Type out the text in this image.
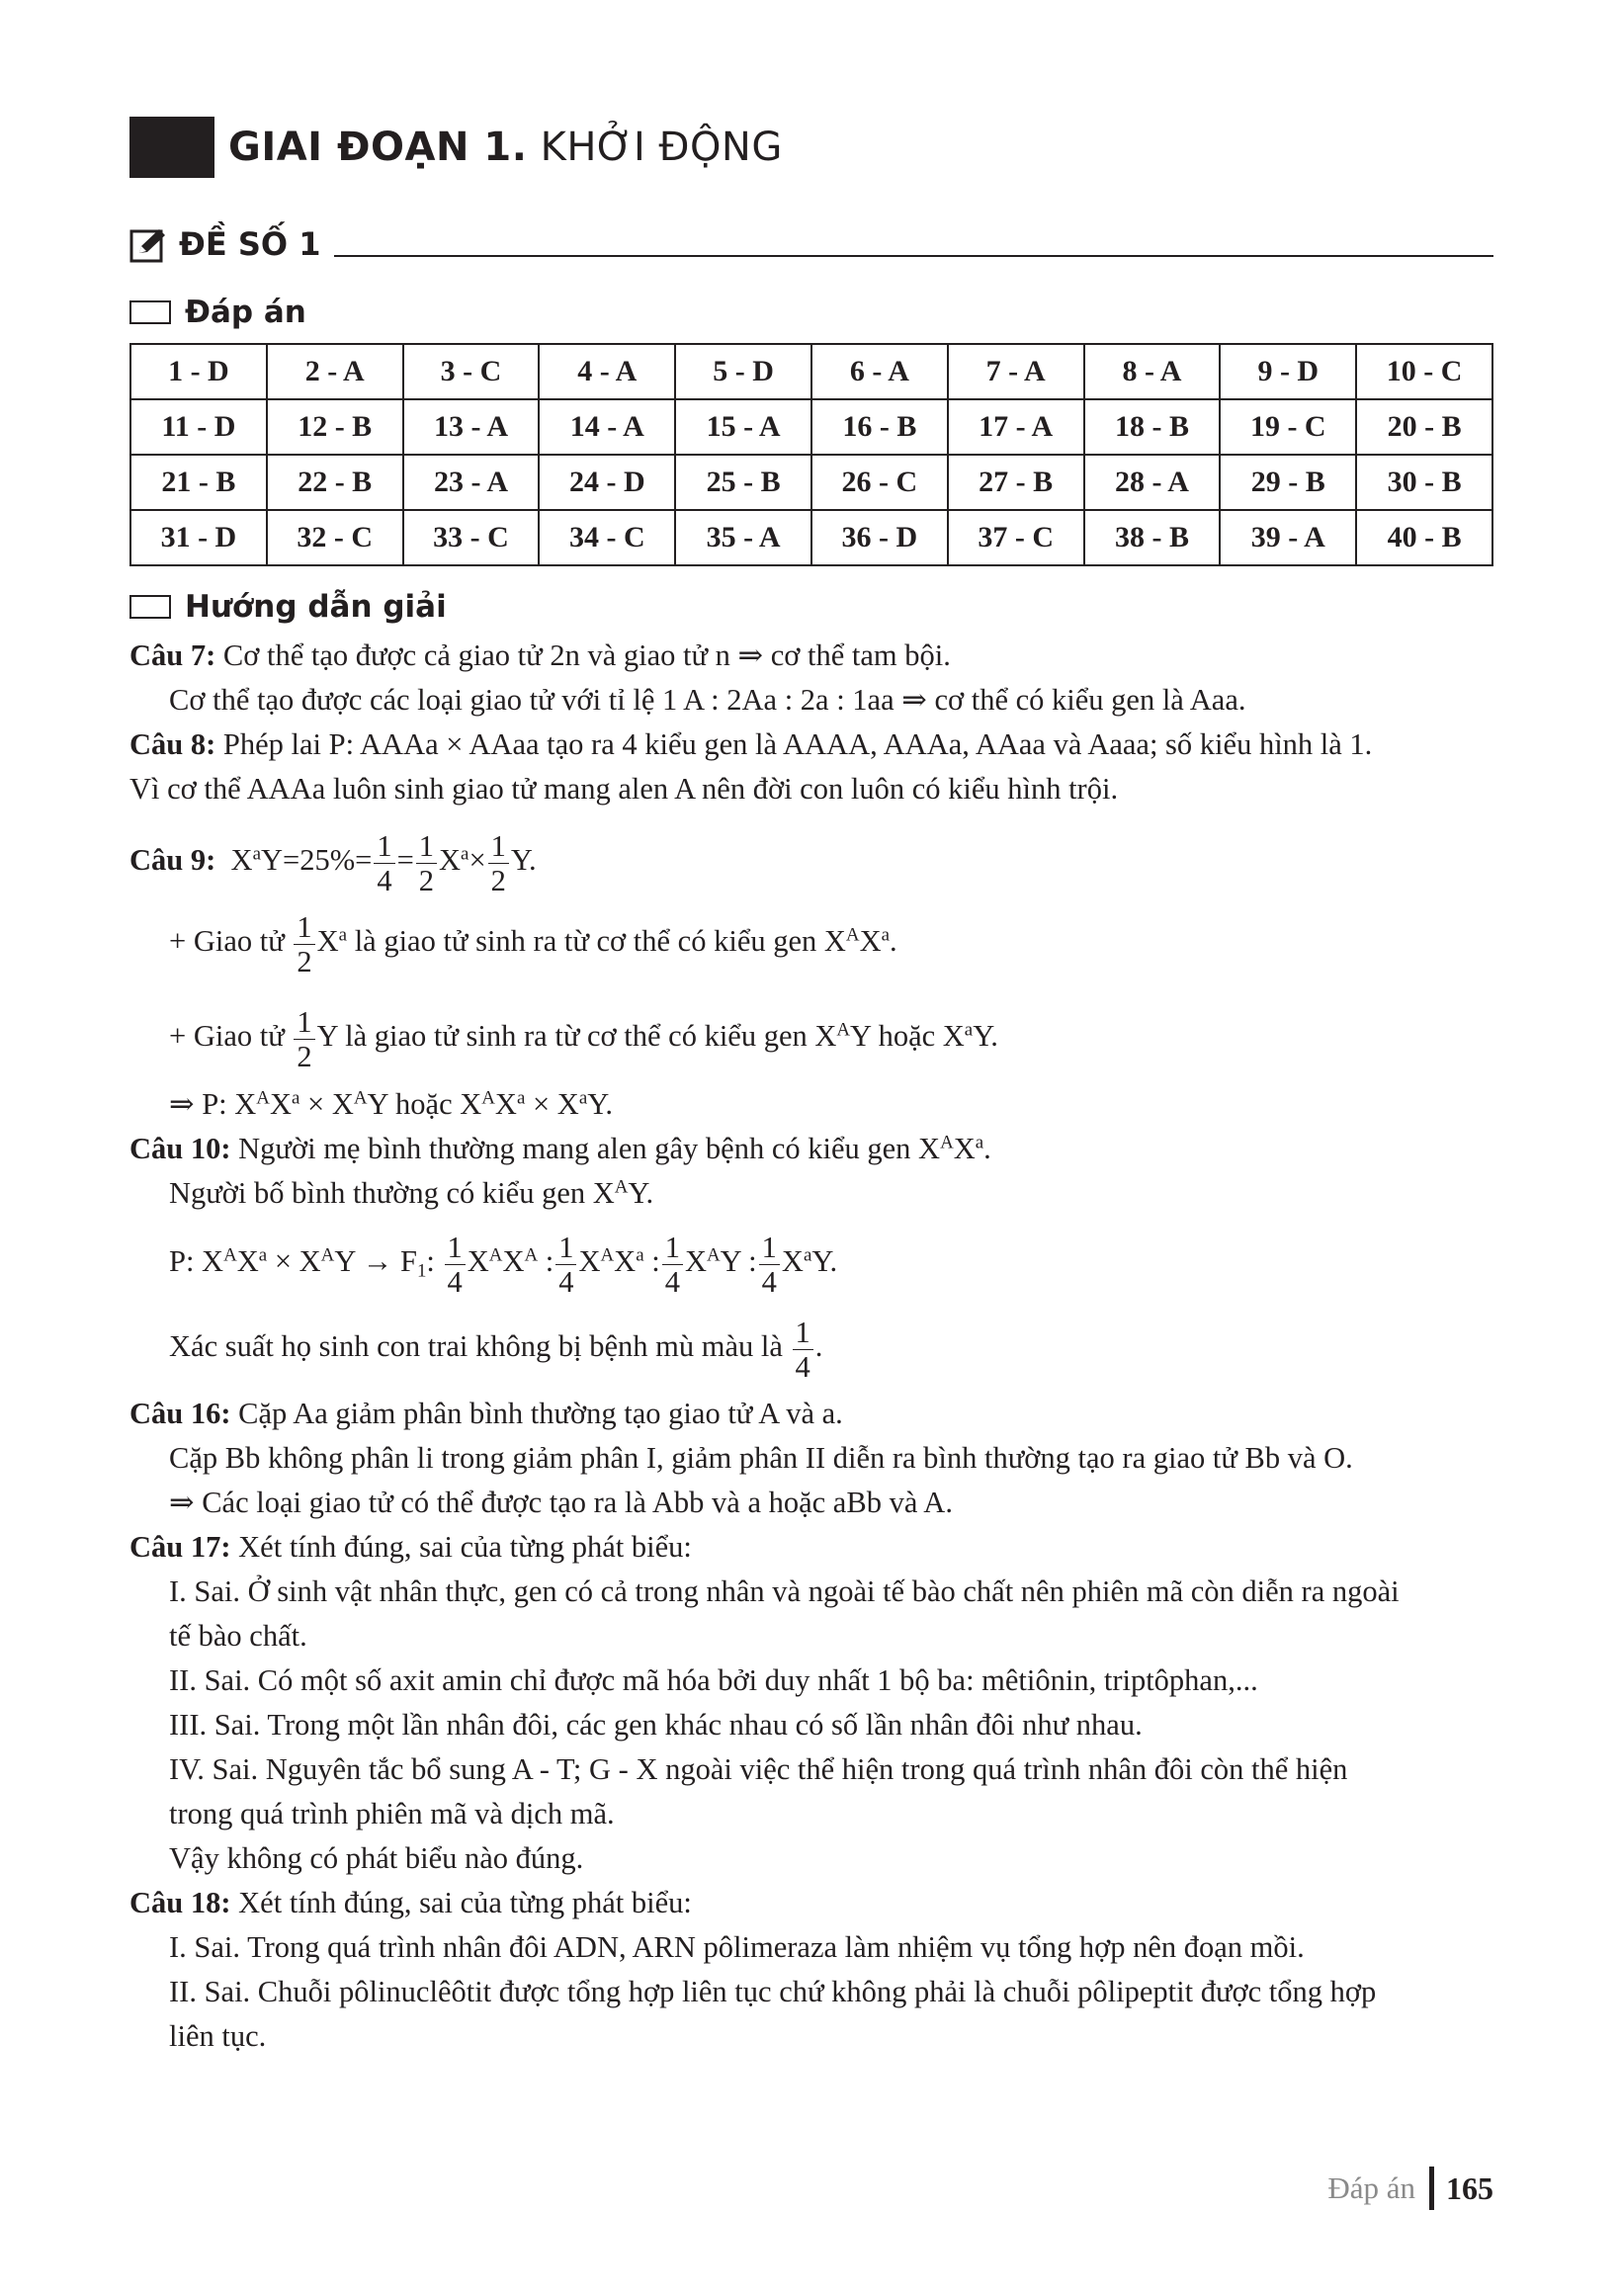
GIAI ĐOẠN 1. KHỞI ĐỘNG
ĐỀ SỐ 1
Đáp án
1 - D	2 - A	3 - C	4 - A	5 - D	6 - A	7 - A	8 - A	9 - D	10 - C
11 - D	12 - B	13 - A	14 - A	15 - A	16 - B	17 - A	18 - B	19 - C	20 - B
21 - B	22 - B	23 - A	24 - D	25 - B	26 - C	27 - B	28 - A	29 - B	30 - B
31 - D	32 - C	33 - C	34 - C	35 - A	36 - D	37 - C	38 - B	39 - A	40 - B
Hướng dẫn giải
Câu 7: Cơ thể tạo được cả giao tử 2n và giao tử n ⇒ cơ thể tam bội.
Cơ thể tạo được các loại giao tử với tỉ lệ 1 A : 2Aa : 2a : 1aa ⇒ cơ thể có kiểu gen là Aaa.
Câu 8: Phép lai P: AAAa × AAaa tạo ra 4 kiểu gen là AAAA, AAAa, AAaa và Aaaa; số kiểu hình là 1.
Vì cơ thể AAAa luôn sinh giao tử mang alen A nên đời con luôn có kiểu hình trội.
Câu 9:  $X^aY=25\%= \frac{1}{4} = \frac{1}{2} X^a\times \frac{1}{2} Y$.
+ Giao tử $\frac{1}{2} X^a$ là giao tử sinh ra từ cơ thể có kiểu gen $X^AX^a$.
+ Giao tử $\frac{1}{2}$ Y là giao tử sinh ra từ cơ thể có kiểu gen $X^AY$ hoặc $X^aY$.
⇒ P: $X^AX^a \times X^AY$ hoặc $X^AX^a \times X^aY$.
Câu 10: Người mẹ bình thường mang alen gây bệnh có kiểu gen $X^AX^a$.
Người bố bình thường có kiểu gen $X^AY$.
P: $X^AX^a \times X^AY \to F_1$: $\frac{1}{4} X^AX^A$ : $\frac{1}{4} X^AX^a$ : $\frac{1}{4} X^AY$ : $\frac{1}{4} X^aY$.
Xác suất họ sinh con trai không bị bệnh mù màu là $\frac{1}{4}$ .
Câu 16: Cặp Aa giảm phân bình thường tạo giao tử A và a.
Cặp Bb không phân li trong giảm phân I, giảm phân II diễn ra bình thường tạo ra giao tử Bb và O.
⇒ Các loại giao tử có thể được tạo ra là Abb và a hoặc aBb và A.
Câu 17: Xét tính đúng, sai của từng phát biểu:
I. Sai. Ở sinh vật nhân thực, gen có cả trong nhân và ngoài tế bào chất nên phiên mã còn diễn ra ngoài
tế bào chất.
II. Sai. Có một số axit amin chỉ được mã hóa bởi duy nhất 1 bộ ba: mêtiônin, triptôphan,...
III. Sai. Trong một lần nhân đôi, các gen khác nhau có số lần nhân đôi như nhau.
IV. Sai. Nguyên tắc bổ sung A - T; G - X ngoài việc thể hiện trong quá trình nhân đôi còn thể hiện
trong quá trình phiên mã và dịch mã.
Vậy không có phát biểu nào đúng.
Câu 18: Xét tính đúng, sai của từng phát biểu:
I. Sai. Trong quá trình nhân đôi ADN, ARN pôlimeraza làm nhiệm vụ tổng hợp nên đoạn mồi.
II. Sai. Chuỗi pôlinuclêôtit được tổng hợp liên tục chứ không phải là chuỗi pôlipeptit được tổng hợp
liên tục.
Đáp án 165
